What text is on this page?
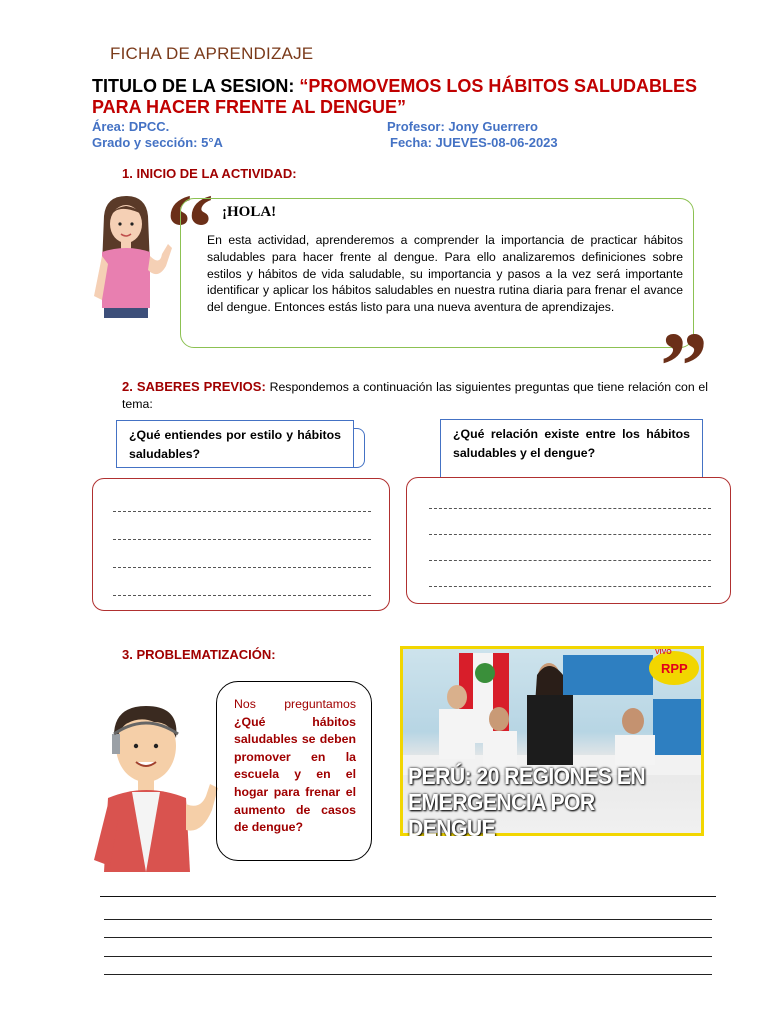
FICHA DE APRENDIZAJE
TITULO DE LA SESION: “PROMOVEMOS LOS HÁBITOS SALUDABLES PARA HACER FRENTE AL DENGUE”
Área: DPCC.	Profesor: Jony Guerrero
Grado y sección: 5°A	Fecha: JUEVES-08-06-2023
1. INICIO DE LA ACTIVIDAD:
“
”
¡HOLA!
En esta actividad, aprenderemos a comprender la importancia de practicar hábitos saludables para hacer frente al dengue. Para ello analizaremos definiciones sobre estilos y hábitos de vida saludable, su importancia y pasos a la vez será importante identificar y aplicar los hábitos saludables en nuestra rutina diaria para frenar el avance del dengue. Entonces estás listo para una nueva aventura de aprendizajes.
2. SABERES PREVIOS: Respondemos a continuación las siguientes preguntas que tiene relación con el tema:
¿Qué entiendes por estilo y hábitos saludables?
¿Qué relación existe entre los hábitos saludables y el dengue?
3. PROBLEMATIZACIÓN:
Nos preguntamos ¿Qué hábitos saludables se deben promover en la escuela y en el hogar para frenar el aumento de casos de dengue?
RPP
VIVO
PERÚ: 20 REGIONES EN
EMERGENCIA POR DENGUE
